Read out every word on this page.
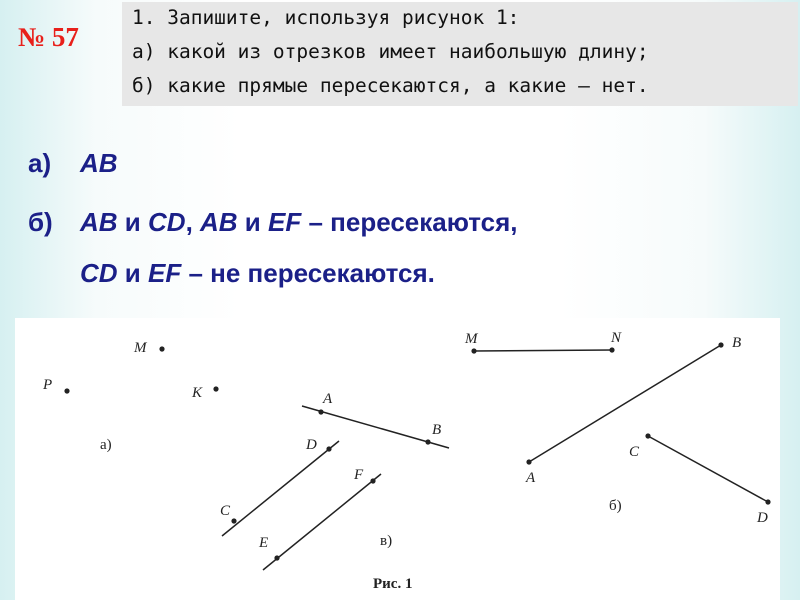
№ 57
1. Запишите, используя рисунок 1:
а) какой из отрезков имеет наибольшую длину;
б) какие прямые пересекаются, а какие — нет.
а) AB
б) AB и CD, AB и EF – пересекаются,
CD и EF – не пересекаются.
M
P	K
а)
A
B
C
D
E
F
в)
M	N
A
B
C
D
б)
Рис. 1
